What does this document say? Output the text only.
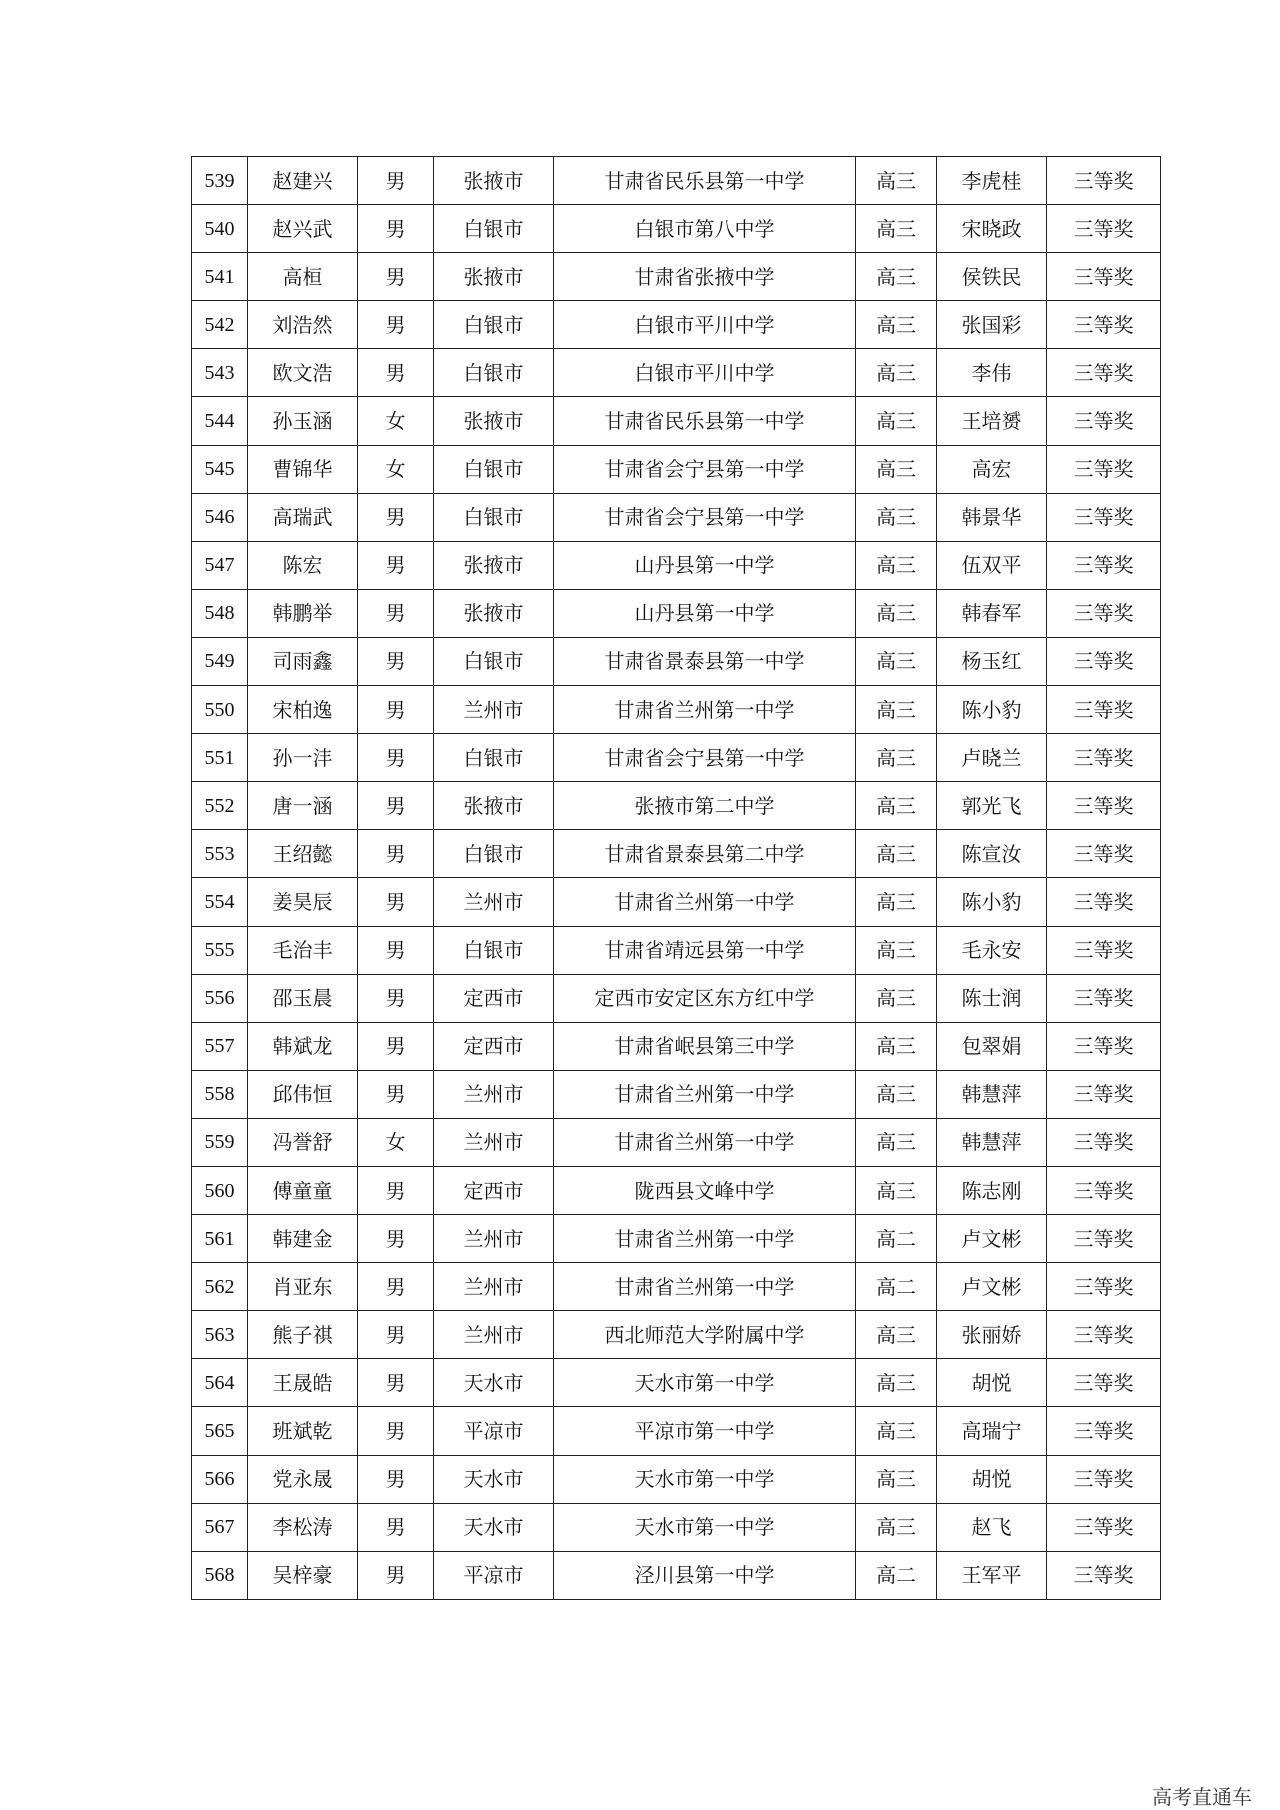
539	赵建兴	男	张掖市	甘肃省民乐县第一中学	高三	李虎桂	三等奖
540	赵兴武	男	白银市	白银市第八中学	高三	宋晓政	三等奖
541	高桓	男	张掖市	甘肃省张掖中学	高三	侯铁民	三等奖
542	刘浩然	男	白银市	白银市平川中学	高三	张国彩	三等奖
543	欧文浩	男	白银市	白银市平川中学	高三	李伟	三等奖
544	孙玉涵	女	张掖市	甘肃省民乐县第一中学	高三	王培赟	三等奖
545	曹锦华	女	白银市	甘肃省会宁县第一中学	高三	高宏	三等奖
546	高瑞武	男	白银市	甘肃省会宁县第一中学	高三	韩景华	三等奖
547	陈宏	男	张掖市	山丹县第一中学	高三	伍双平	三等奖
548	韩鹏举	男	张掖市	山丹县第一中学	高三	韩春军	三等奖
549	司雨鑫	男	白银市	甘肃省景泰县第一中学	高三	杨玉红	三等奖
550	宋柏逸	男	兰州市	甘肃省兰州第一中学	高三	陈小豹	三等奖
551	孙一沣	男	白银市	甘肃省会宁县第一中学	高三	卢晓兰	三等奖
552	唐一涵	男	张掖市	张掖市第二中学	高三	郭光飞	三等奖
553	王绍懿	男	白银市	甘肃省景泰县第二中学	高三	陈宣汝	三等奖
554	姜昊辰	男	兰州市	甘肃省兰州第一中学	高三	陈小豹	三等奖
555	毛治丰	男	白银市	甘肃省靖远县第一中学	高三	毛永安	三等奖
556	邵玉晨	男	定西市	定西市安定区东方红中学	高三	陈士润	三等奖
557	韩斌龙	男	定西市	甘肃省岷县第三中学	高三	包翠娟	三等奖
558	邱伟恒	男	兰州市	甘肃省兰州第一中学	高三	韩慧萍	三等奖
559	冯誉舒	女	兰州市	甘肃省兰州第一中学	高三	韩慧萍	三等奖
560	傅童童	男	定西市	陇西县文峰中学	高三	陈志刚	三等奖
561	韩建金	男	兰州市	甘肃省兰州第一中学	高二	卢文彬	三等奖
562	肖亚东	男	兰州市	甘肃省兰州第一中学	高二	卢文彬	三等奖
563	熊子祺	男	兰州市	西北师范大学附属中学	高三	张丽娇	三等奖
564	王晟皓	男	天水市	天水市第一中学	高三	胡悦	三等奖
565	班斌乾	男	平凉市	平凉市第一中学	高三	高瑞宁	三等奖
566	党永晟	男	天水市	天水市第一中学	高三	胡悦	三等奖
567	李松涛	男	天水市	天水市第一中学	高三	赵飞	三等奖
568	吴梓豪	男	平凉市	泾川县第一中学	高二	王军平	三等奖
高考直通车
